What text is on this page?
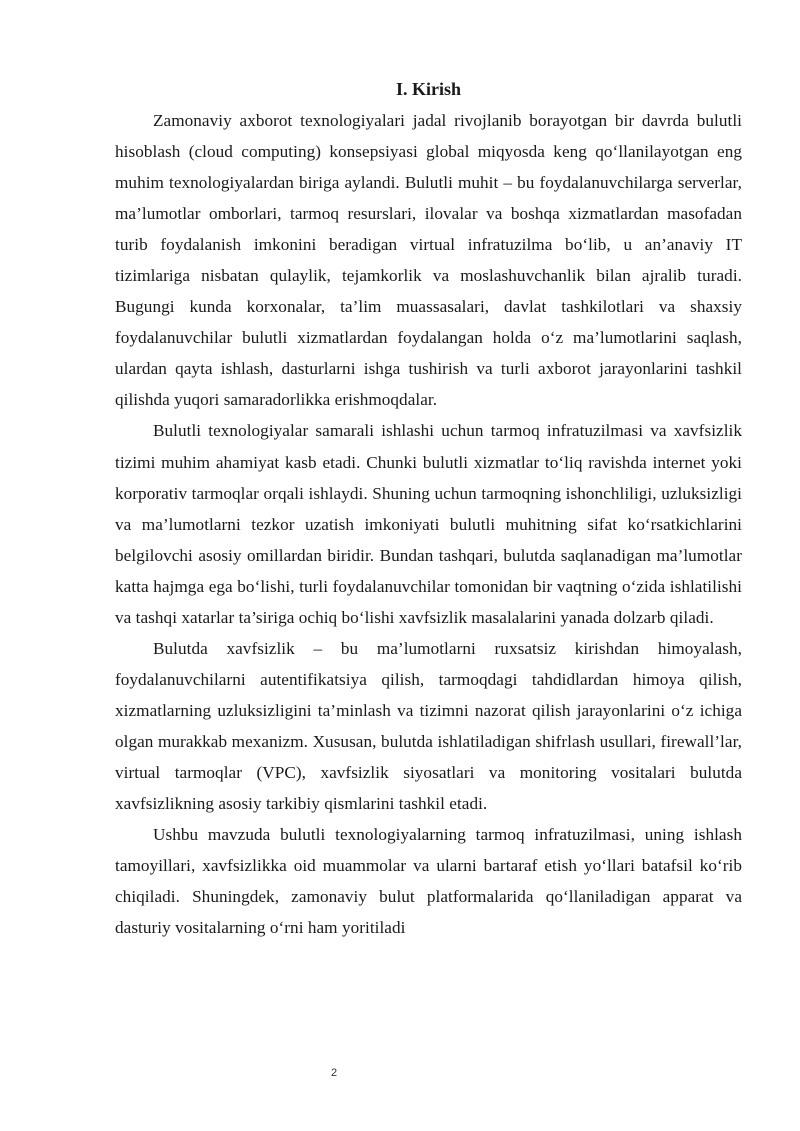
I. Kirish

Zamonaviy axborot texnologiyalari jadal rivojlanib borayotgan bir davrda bulutli hisoblash (cloud computing) konsepsiyasi global miqyosda keng qo‘llanilayotgan eng muhim texnologiyalardan biriga aylandi. Bulutli muhit – bu foydalanuvchilarga serverlar, ma’lumotlar omborlari, tarmoq resurslari, ilovalar va boshqa xizmatlardan masofadan turib foydalanish imkonini beradigan virtual infratuzilma bo‘lib, u an’anaviy IT tizimlariga nisbatan qulaylik, tejamkorlik va moslashuvchanlik bilan ajralib turadi. Bugungi kunda korxonalar, ta’lim muassasalari, davlat tashkilotlari va shaxsiy foydalanuvchilar bulutli xizmatlardan foydalangan holda o‘z ma’lumotlarini saqlash, ulardan qayta ishlash, dasturlarni ishga tushirish va turli axborot jarayonlarini tashkil qilishda yuqori samaradorlikka erishmoqdalar.

Bulutli texnologiyalar samarali ishlashi uchun tarmoq infratuzilmasi va xavfsizlik tizimi muhim ahamiyat kasb etadi. Chunki bulutli xizmatlar to‘liq ravishda internet yoki korporativ tarmoqlar orqali ishlaydi. Shuning uchun tarmoqning ishonchliligi, uzluksizligi va ma’lumotlarni tezkor uzatish imkoniyati bulutli muhitning sifat ko‘rsatkichlarini belgilovchi asosiy omillardan biridir. Bundan tashqari, bulutda saqlanadigan ma’lumotlar katta hajmga ega bo‘lishi, turli foydalanuvchilar tomonidan bir vaqtning o‘zida ishlatilishi va tashqi xatarlar ta’siriga ochiq bo‘lishi xavfsizlik masalalarini yanada dolzarb qiladi.

Bulutda xavfsizlik – bu ma’lumotlarni ruxsatsiz kirishdan himoyalash, foydalanuvchilarni autentifikatsiya qilish, tarmoqdagi tahdidlardan himoya qilish, xizmatlarning uzluksizligini ta’minlash va tizimni nazorat qilish jarayonlarini o‘z ichiga olgan murakkab mexanizm. Xususan, bulutda ishlatiladigan shifrlash usullari, firewall’lar, virtual tarmoqlar (VPC), xavfsizlik siyosatlari va monitoring vositalari bulutda xavfsizlikning asosiy tarkibiy qismlarini tashkil etadi.

Ushbu mavzuda bulutli texnologiyalarning tarmoq infratuzilmasi, uning ishlash tamoyillari, xavfsizlikka oid muammolar va ularni bartaraf etish yo‘llari batafsil ko‘rib chiqiladi. Shuningdek, zamonaviy bulut platformalarida qo‘llaniladigan apparat va dasturiy vositalarning o‘rni ham yoritiladi

2
